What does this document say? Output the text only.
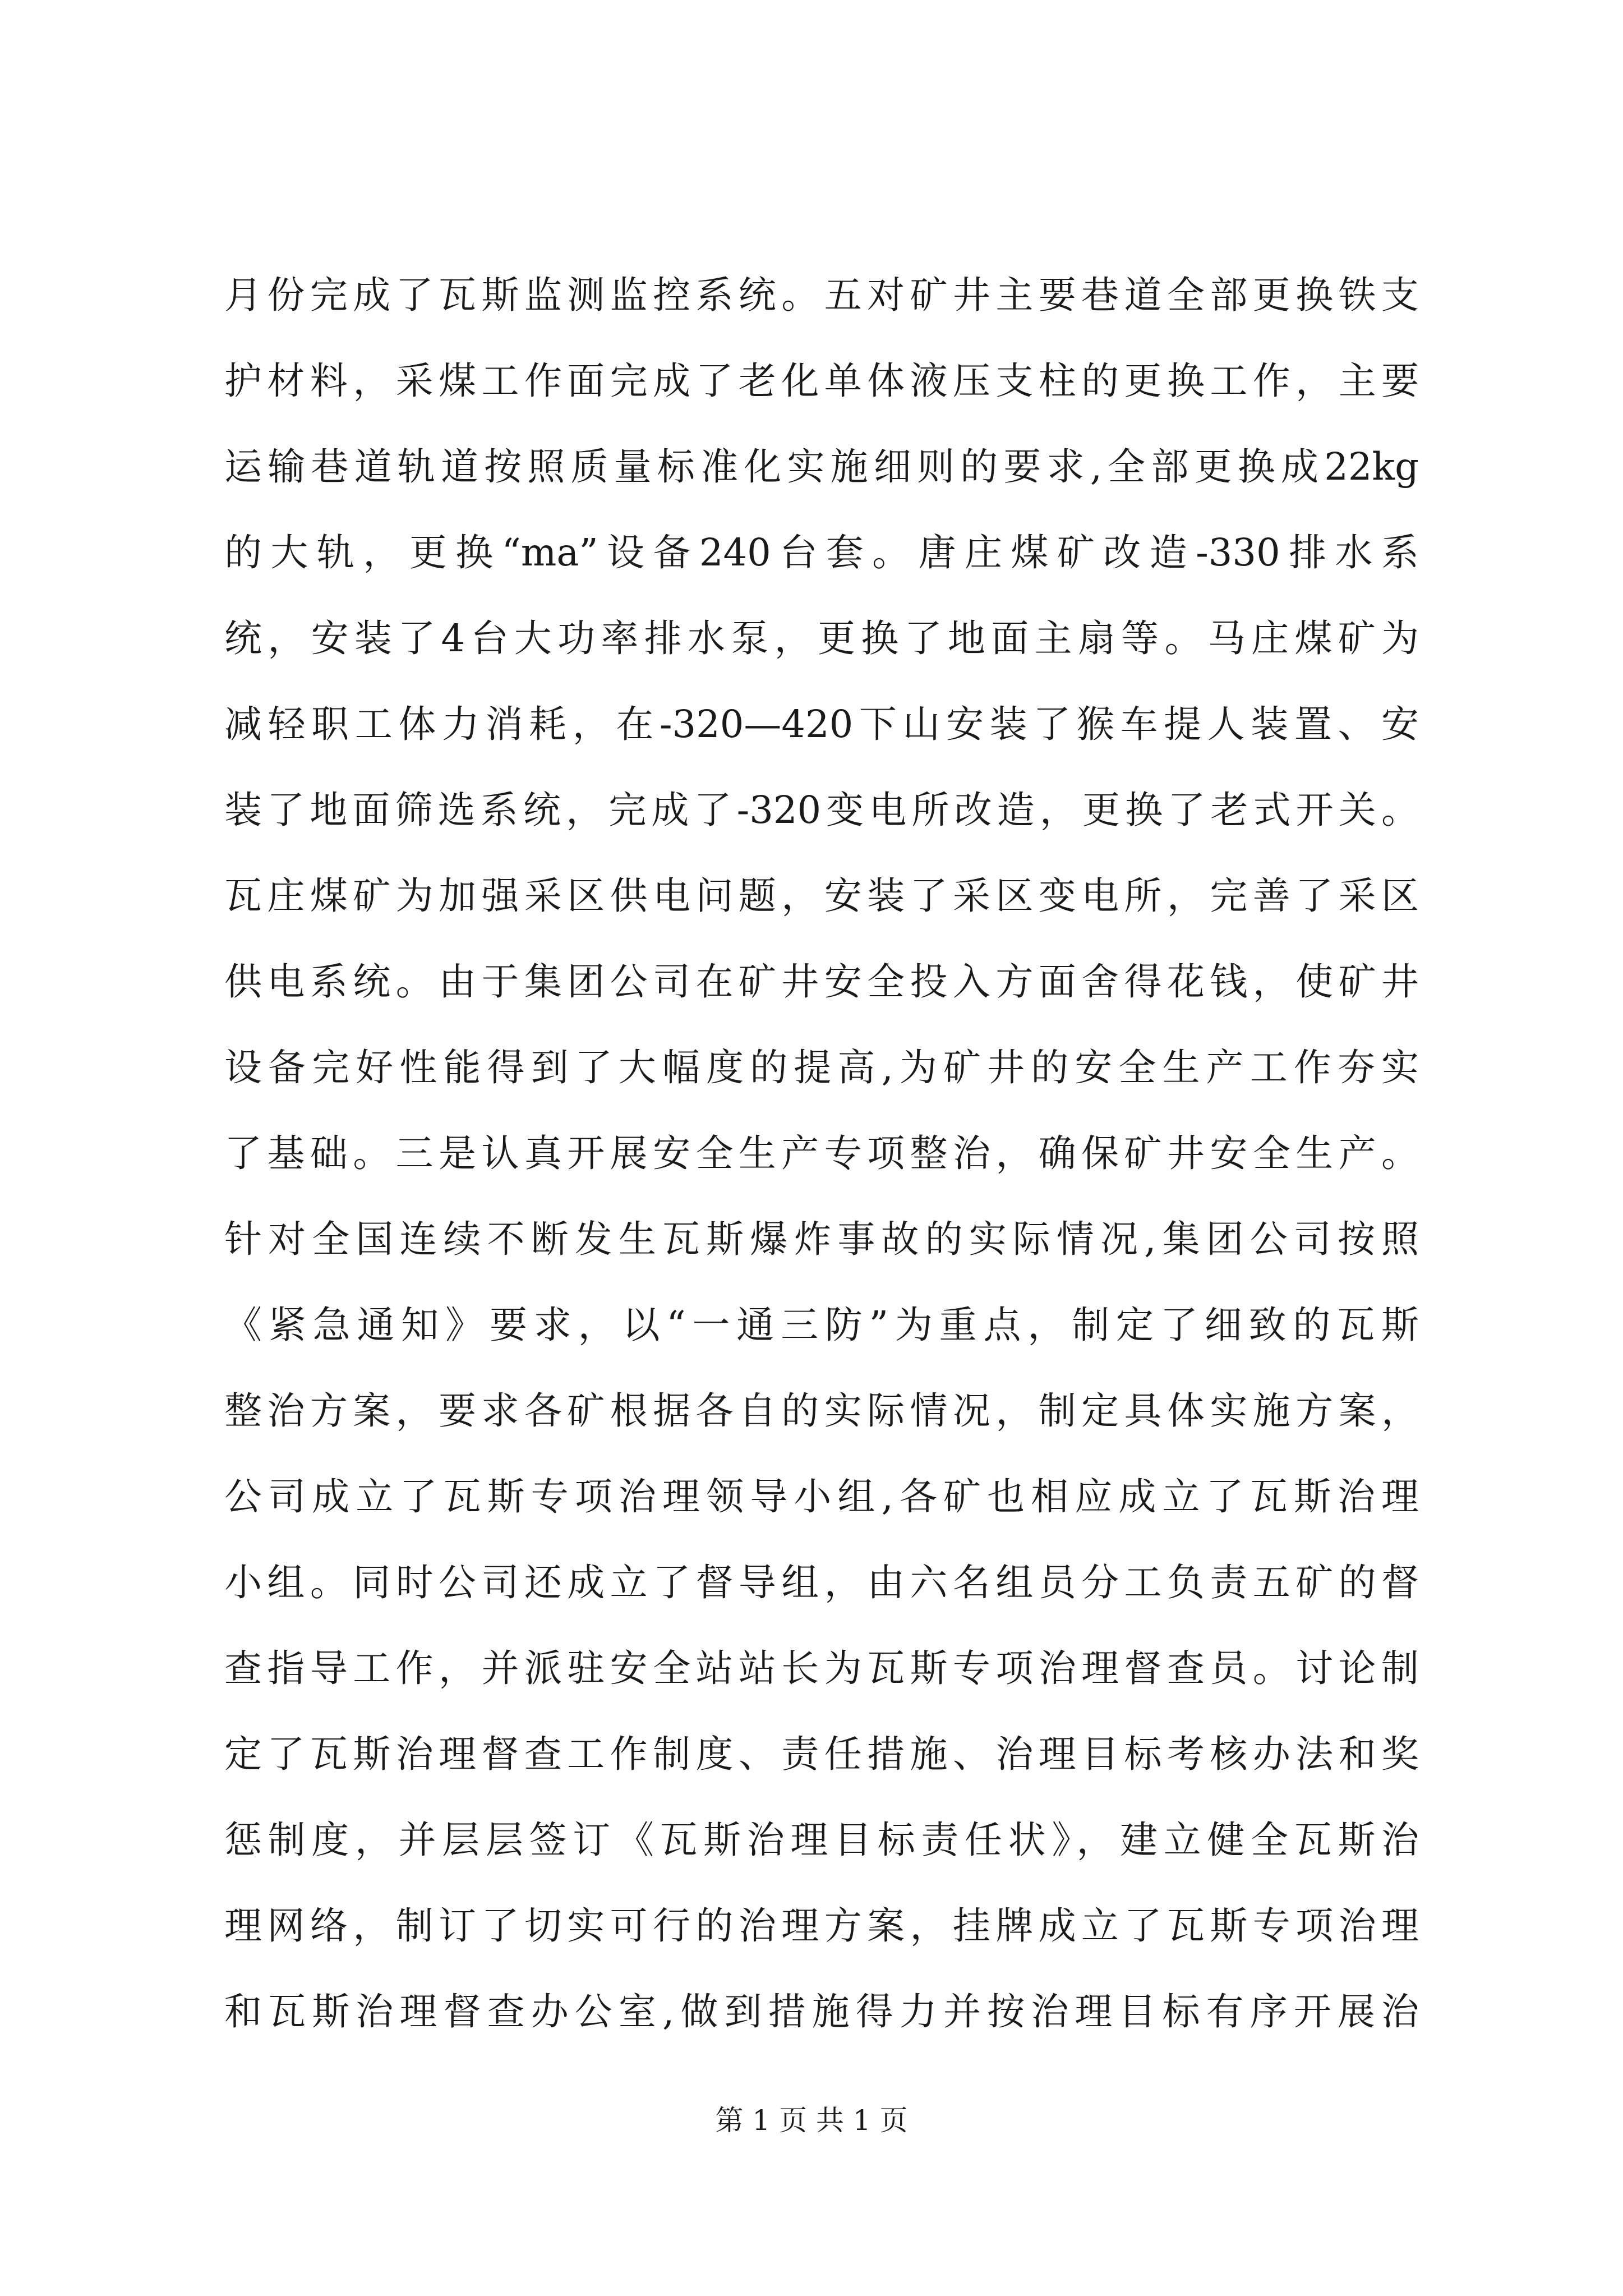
月份完成了瓦斯监测监控系统。五对矿井主要巷道全部更换铁支
护材料，采煤工作面完成了老化单体液压支柱的更换工作，主要
运输巷道轨道按照质量标准化实施细则的要求,全部更换成22kg
的大轨，更换“ma”设备240台套。唐庄煤矿改造-330排水系
统，安装了4台大功率排水泵，更换了地面主扇等。马庄煤矿为
减轻职工体力消耗，在-320—420下山安装了猴车提人装置、安
装了地面筛选系统，完成了-320变电所改造，更换了老式开关。
瓦庄煤矿为加强采区供电问题，安装了采区变电所，完善了采区
供电系统。由于集团公司在矿井安全投入方面舍得花钱，使矿井
设备完好性能得到了大幅度的提高,为矿井的安全生产工作夯实
了基础。三是认真开展安全生产专项整治，确保矿井安全生产。
针对全国连续不断发生瓦斯爆炸事故的实际情况,集团公司按照
《紧急通知》要求，以“一通三防”为重点，制定了细致的瓦斯
整治方案，要求各矿根据各自的实际情况，制定具体实施方案，
公司成立了瓦斯专项治理领导小组,各矿也相应成立了瓦斯治理
小组。同时公司还成立了督导组，由六名组员分工负责五矿的督
查指导工作，并派驻安全站站长为瓦斯专项治理督查员。讨论制
定了瓦斯治理督查工作制度、责任措施、治理目标考核办法和奖
惩制度，并层层签订《瓦斯治理目标责任状》，建立健全瓦斯治
理网络，制订了切实可行的治理方案，挂牌成立了瓦斯专项治理
和瓦斯治理督查办公室,做到措施得力并按治理目标有序开展治
第 1 页 共 1 页
